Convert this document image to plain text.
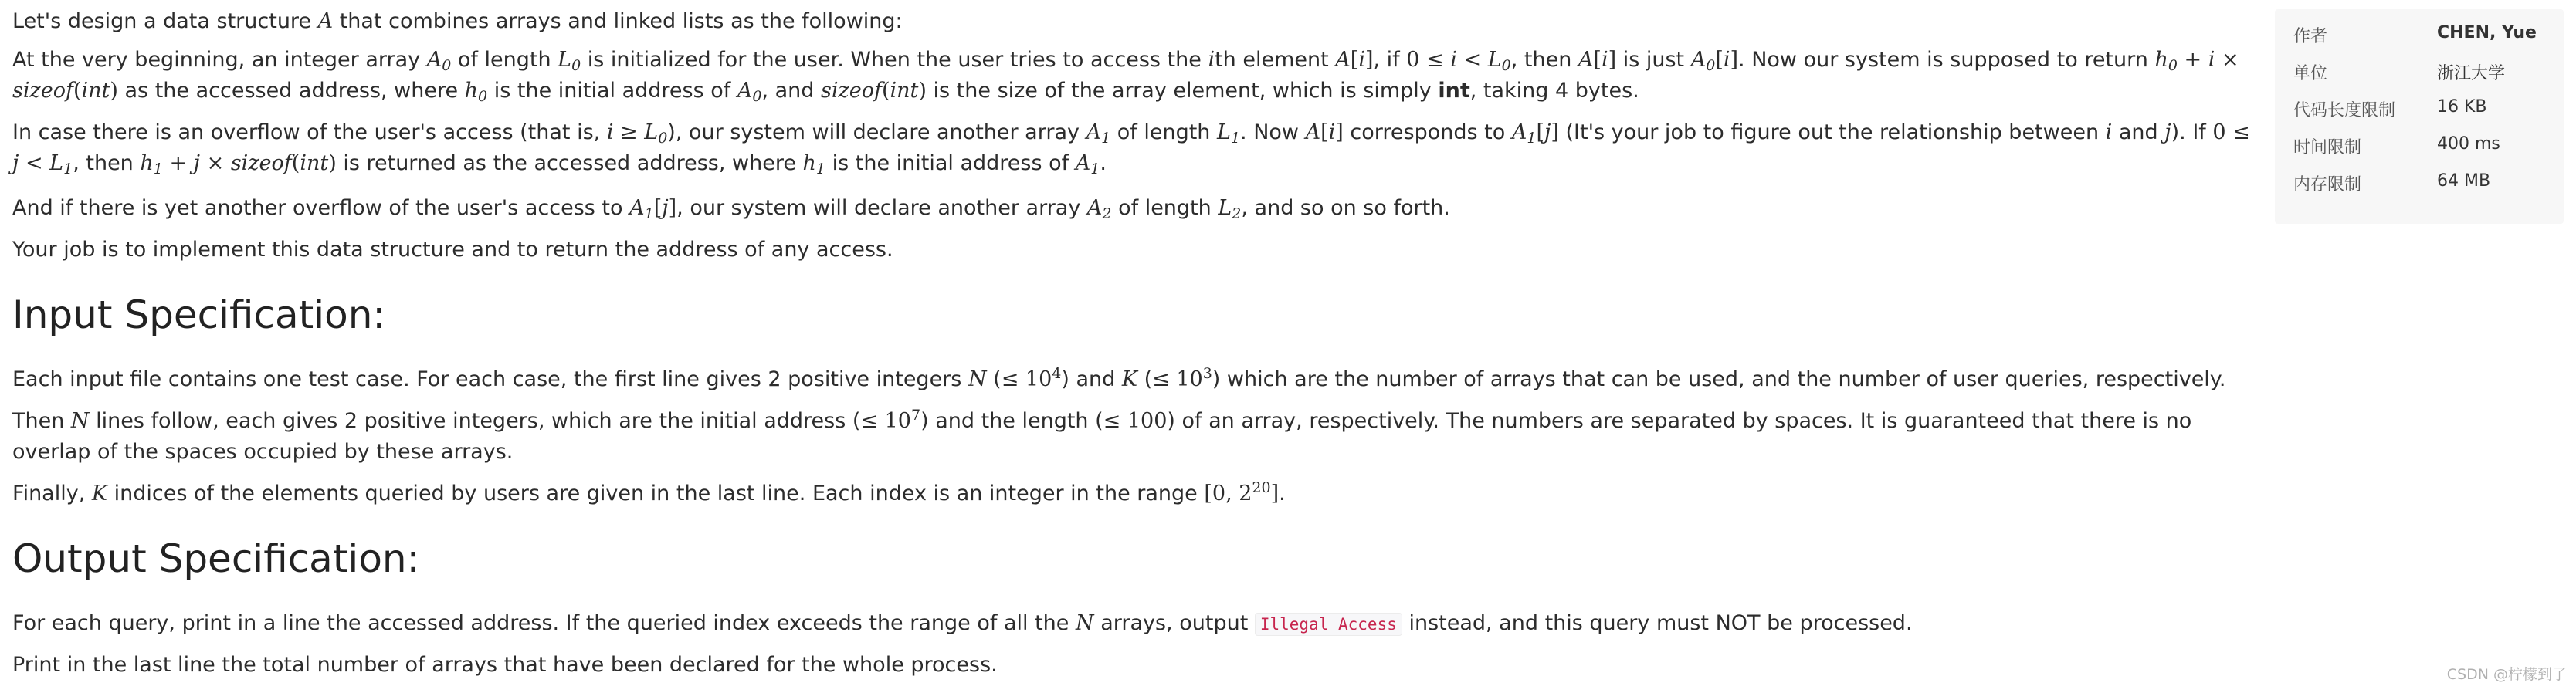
Let's design a data structure A that combines arrays and linked lists as the following:

At the very beginning, an integer array $A_0$ of length $L_0$ is initialized for the user. When the user tries to access the ith element A[i], if $0 \le i < L_0$, then A[i] is just $A_0[i]$. Now our system is supposed to return $h_0 + i$ × sizeof(int) as the accessed address, where $h_0$ is the initial address of $A_0$, and sizeof(int) is the size of the array element, which is simply int, taking 4 bytes.

In case there is an overflow of the user's access (that is, $i \ge L_0$), our system will declare another array $A_1$ of length $L_1$. Now A[i] corresponds to $A_1[j]$ (It's your job to figure out the relationship between i and j). If $0 \le j < L_1$, then $h_1 + j$ × sizeof(int) is returned as the accessed address, where $h_1$ is the initial address of $A_1$.

And if there is yet another overflow of the user's access to $A_1[j]$, our system will declare another array $A_2$ of length $L_2$, and so on so forth.

Your job is to implement this data structure and to return the address of any access.

Input Specification:

Each input file contains one test case. For each case, the first line gives 2 positive integers N (≤ $10^4$) and K (≤ $10^3$) which are the number of arrays that can be used, and the number of user queries, respectively.

Then N lines follow, each gives 2 positive integers, which are the initial address (≤ $10^7$) and the length (≤ 100) of an array, respectively. The numbers are separated by spaces. It is guaranteed that there is no overlap of the spaces occupied by these arrays.

Finally, K indices of the elements queried by users are given in the last line. Each index is an integer in the range [0, $2^{20}$].

Output Specification:

For each query, print in a line the accessed address. If the queried index exceeds the range of all the N arrays, output Illegal Access instead, and this query must NOT be processed.

Print in the last line the total number of arrays that have been declared for the whole process.

作者	CHEN, Yue
单位	浙江大学
代码长度限制	16 KB
时间限制	400 ms
内存限制	64 MB
CSDN @柠檬到了
